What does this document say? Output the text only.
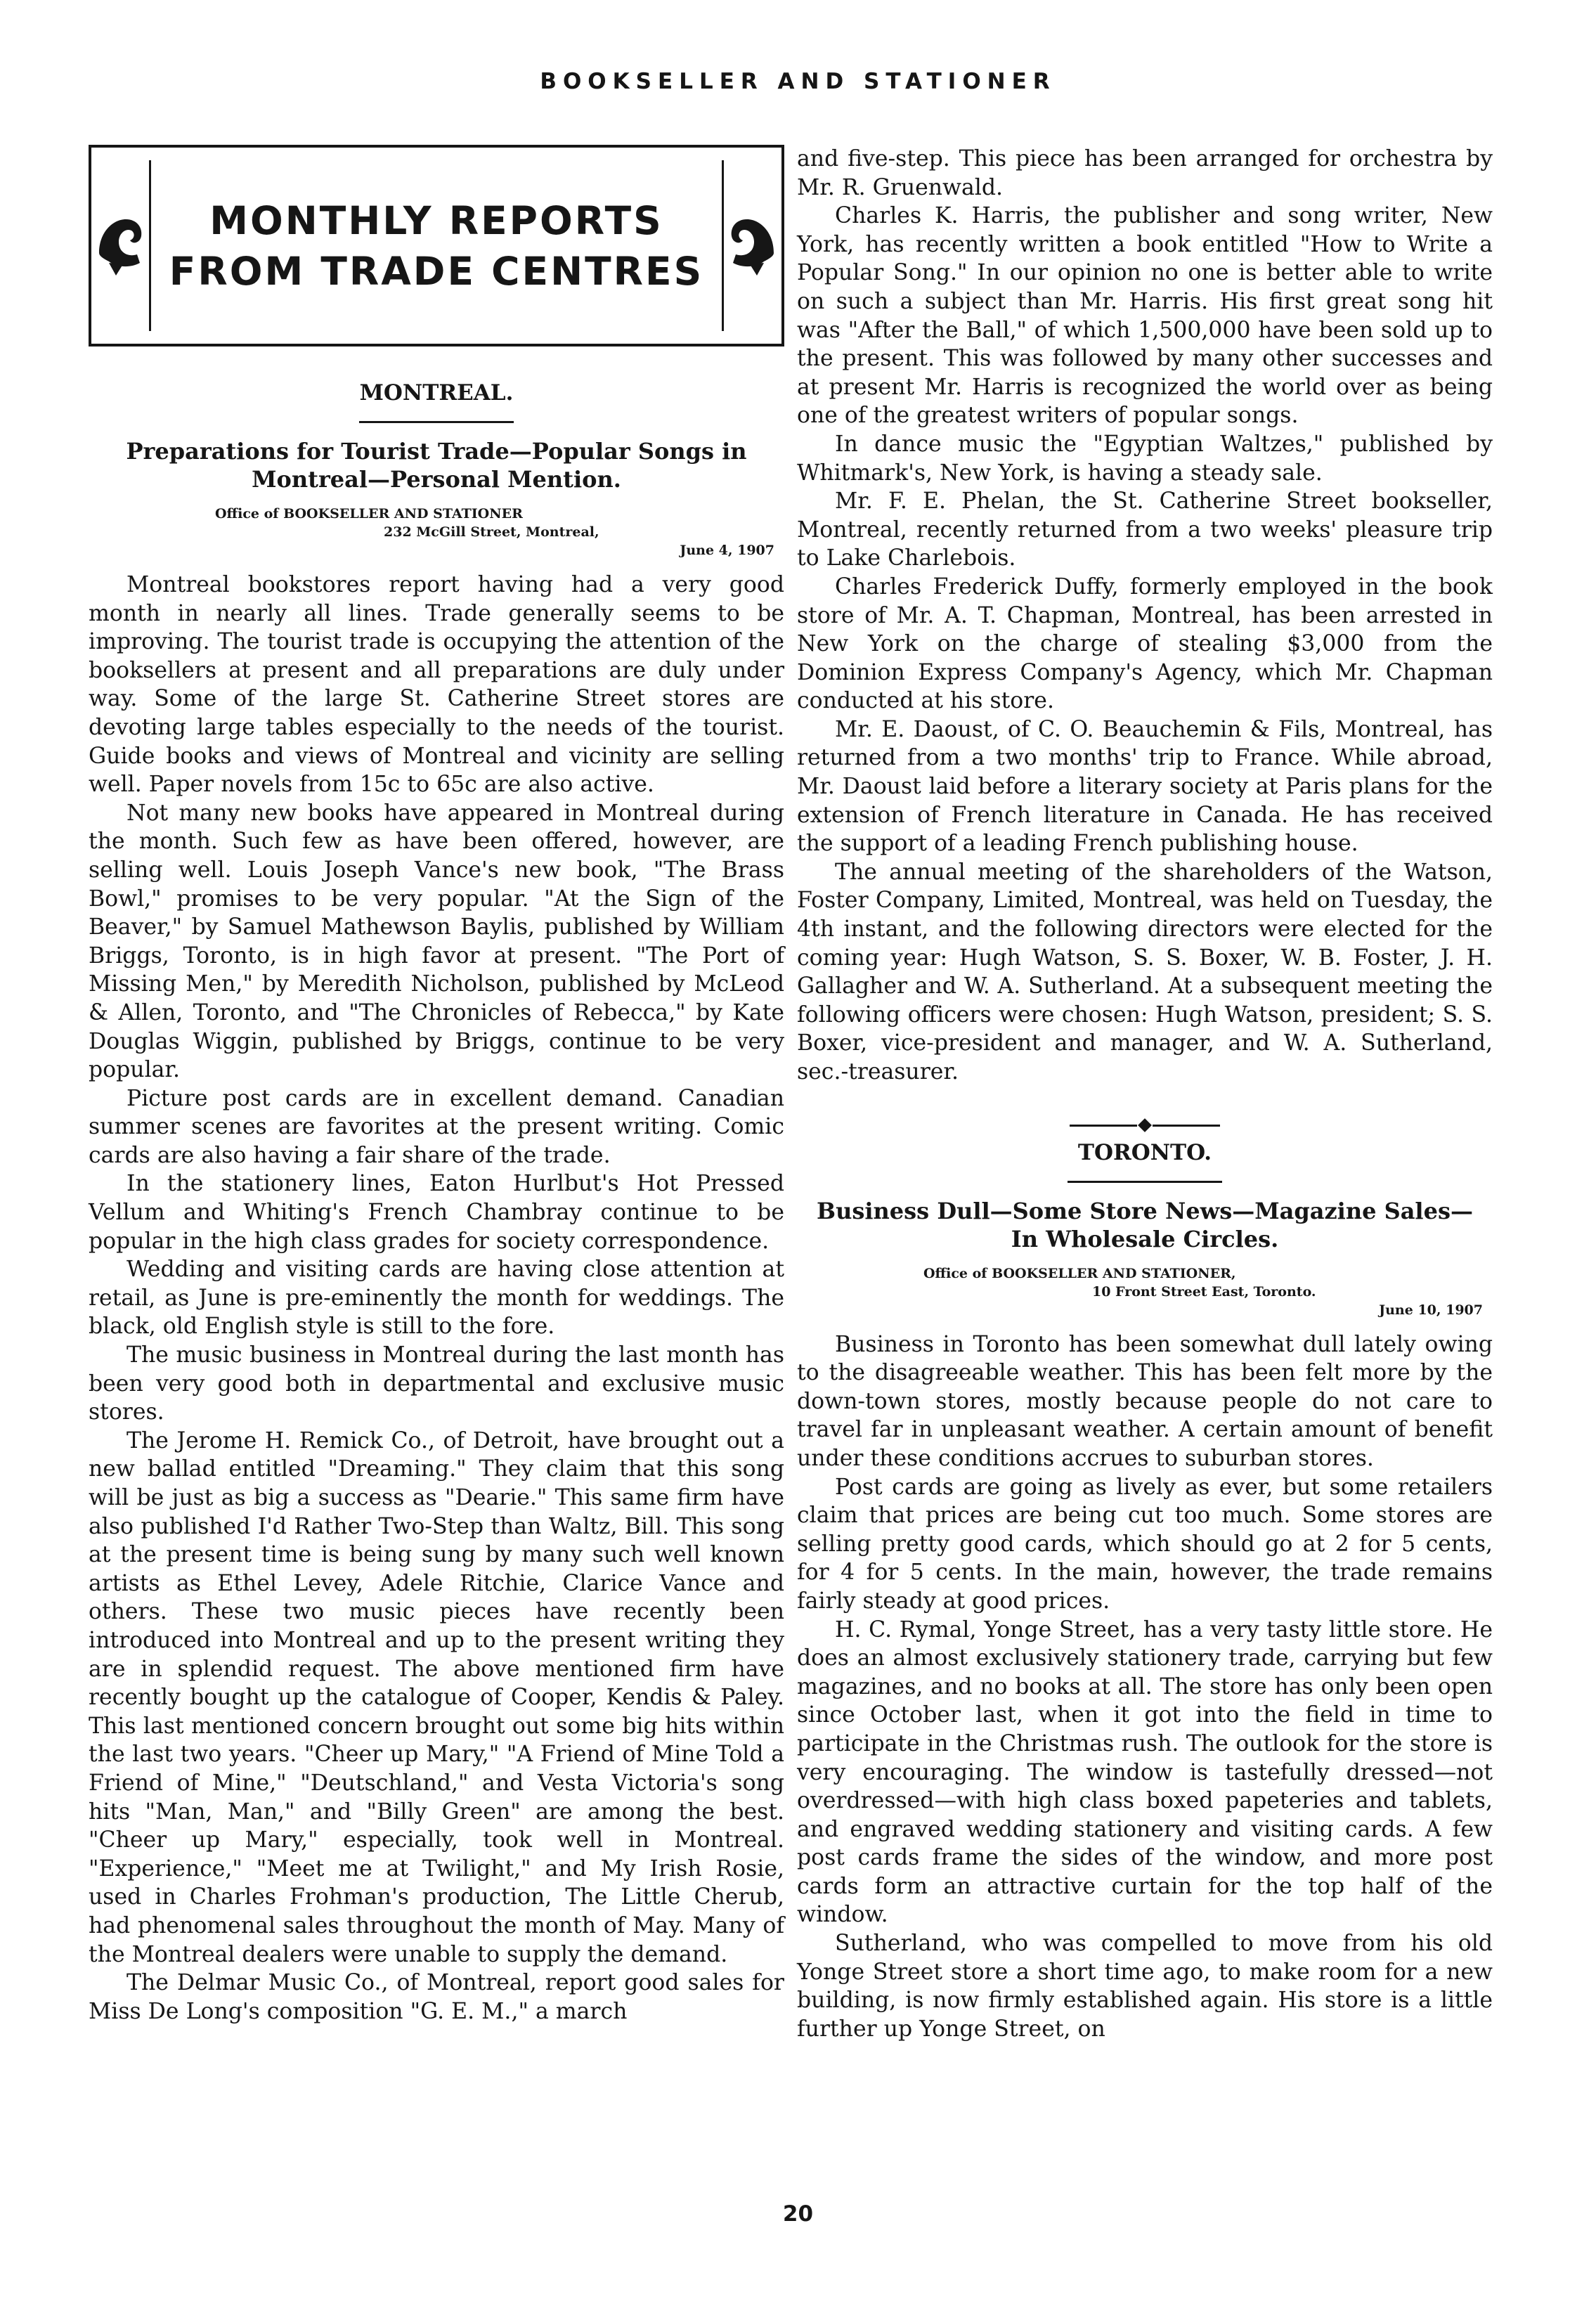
BOOKSELLER AND STATIONER
MONTHLY REPORTS
FROM TRADE CENTRES
MONTREAL.
Preparations for Tourist Trade—Popular Songs in Montreal—Personal Mention.
Office of BOOKSELLER AND STATIONER
232 McGill Street, Montreal,
June 4, 1907

Montreal bookstores report having had a very good month in nearly all lines. Trade generally seems to be improving. The tourist trade is occupying the attention of the booksellers at present and all preparations are duly under way. Some of the large St. Catherine Street stores are devoting large tables especially to the needs of the tourist. Guide books and views of Montreal and vicinity are selling well. Paper novels from 15c to 65c are also active.

Not many new books have appeared in Montreal during the month. Such few as have been offered, however, are selling well. Louis Joseph Vance's new book, "The Brass Bowl," promises to be very popular. "At the Sign of the Beaver," by Samuel Mathewson Baylis, published by William Briggs, Toronto, is in high favor at present. "The Port of Missing Men," by Meredith Nicholson, published by McLeod & Allen, Toronto, and "The Chronicles of Rebecca," by Kate Douglas Wiggin, published by Briggs, continue to be very popular.

Picture post cards are in excellent demand. Canadian summer scenes are favorites at the present writing. Comic cards are also having a fair share of the trade.

In the stationery lines, Eaton Hurlbut's Hot Pressed Vellum and Whiting's French Chambray continue to be popular in the high class grades for society correspondence.

Wedding and visiting cards are having close attention at retail, as June is pre-eminently the month for weddings. The black, old English style is still to the fore.

The music business in Montreal during the last month has been very good both in departmental and exclusive music stores.

The Jerome H. Remick Co., of Detroit, have brought out a new ballad entitled "Dreaming." They claim that this song will be just as big a success as "Dearie." This same firm have also published I'd Rather Two-Step than Waltz, Bill. This song at the present time is being sung by many such well known artists as Ethel Levey, Adele Ritchie, Clarice Vance and others. These two music pieces have recently been introduced into Montreal and up to the present writing they are in splendid request. The above mentioned firm have recently bought up the catalogue of Cooper, Kendis & Paley. This last mentioned concern brought out some big hits within the last two years. "Cheer up Mary," "A Friend of Mine Told a Friend of Mine," "Deutschland," and Vesta Victoria's song hits "Man, Man," and "Billy Green" are among the best. "Cheer up Mary," especially, took well in Montreal. "Experience," "Meet me at Twilight," and My Irish Rosie, used in Charles Frohman's production, The Little Cherub, had phenomenal sales throughout the month of May. Many of the Montreal dealers were unable to supply the demand.

The Delmar Music Co., of Montreal, report good sales for Miss De Long's composition "G. E. M.," a march

and five-step. This piece has been arranged for orchestra by Mr. R. Gruenwald.

Charles K. Harris, the publisher and song writer, New York, has recently written a book entitled "How to Write a Popular Song." In our opinion no one is better able to write on such a subject than Mr. Harris. His first great song hit was "After the Ball," of which 1,500,000 have been sold up to the present. This was followed by many other successes and at present Mr. Harris is recognized the world over as being one of the greatest writers of popular songs.

In dance music the "Egyptian Waltzes," published by Whitmark's, New York, is having a steady sale.

Mr. F. E. Phelan, the St. Catherine Street bookseller, Montreal, recently returned from a two weeks' pleasure trip to Lake Charlebois.

Charles Frederick Duffy, formerly employed in the book store of Mr. A. T. Chapman, Montreal, has been arrested in New York on the charge of stealing $3,000 from the Dominion Express Company's Agency, which Mr. Chapman conducted at his store.

Mr. E. Daoust, of C. O. Beauchemin & Fils, Montreal, has returned from a two months' trip to France. While abroad, Mr. Daoust laid before a literary society at Paris plans for the extension of French literature in Canada. He has received the support of a leading French publishing house.

The annual meeting of the shareholders of the Watson, Foster Company, Limited, Montreal, was held on Tuesday, the 4th instant, and the following directors were elected for the coming year: Hugh Watson, S. S. Boxer, W. B. Foster, J. H. Gallagher and W. A. Sutherland. At a subsequent meeting the following officers were chosen: Hugh Watson, president; S. S. Boxer, vice-president and manager, and W. A. Sutherland, sec.-treasurer.

TORONTO.
Business Dull—Some Store News—Magazine Sales—In Wholesale Circles.
Office of BOOKSELLER AND STATIONER,
10 Front Street East, Toronto.
June 10, 1907

Business in Toronto has been somewhat dull lately owing to the disagreeable weather. This has been felt more by the down-town stores, mostly because people do not care to travel far in unpleasant weather. A certain amount of benefit under these conditions accrues to suburban stores.

Post cards are going as lively as ever, but some retailers claim that prices are being cut too much. Some stores are selling pretty good cards, which should go at 2 for 5 cents, for 4 for 5 cents. In the main, however, the trade remains fairly steady at good prices.

H. C. Rymal, Yonge Street, has a very tasty little store. He does an almost exclusively stationery trade, carrying but few magazines, and no books at all. The store has only been open since October last, when it got into the field in time to participate in the Christmas rush. The outlook for the store is very encouraging. The window is tastefully dressed—not overdressed—with high class boxed papeteries and tablets, and engraved wedding stationery and visiting cards. A few post cards frame the sides of the window, and more post cards form an attractive curtain for the top half of the window.

Sutherland, who was compelled to move from his old Yonge Street store a short time ago, to make room for a new building, is now firmly established again. His store is a little further up Yonge Street, on

20
